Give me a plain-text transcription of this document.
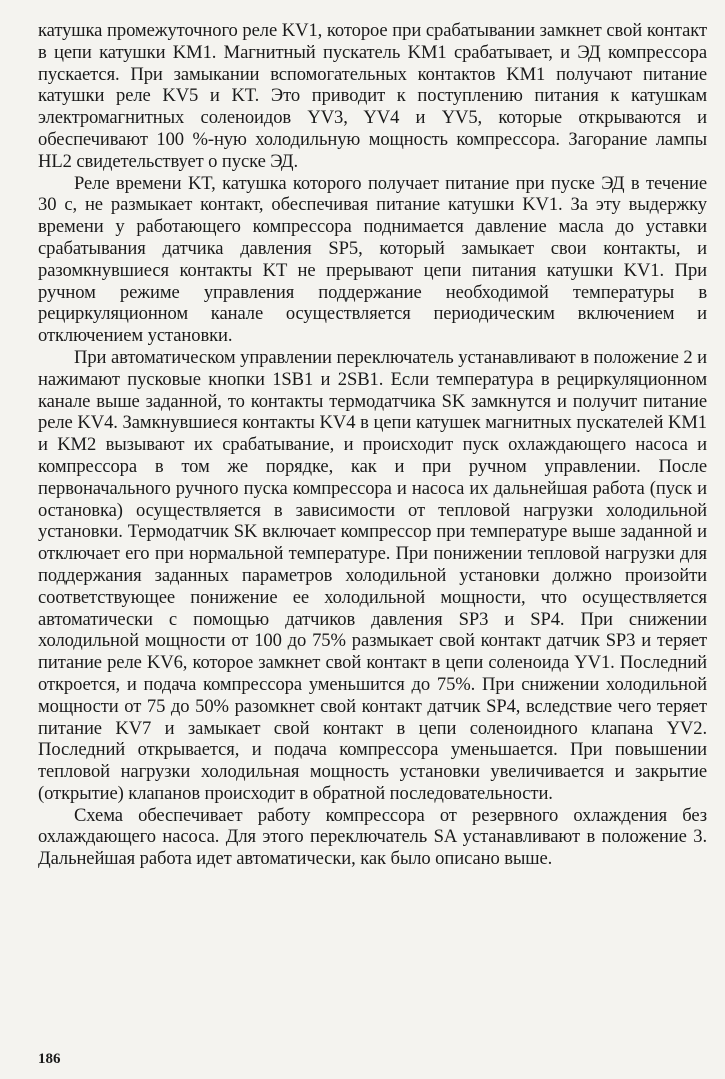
катушка промежуточного реле KV1, которое при срабатывании замкнет свой контакт в цепи катушки KM1. Магнитный пускатель KM1 срабатывает, и ЭД компрессора пускается. При замыкании вспомогательных контактов KM1 получают питание катушки реле KV5 и KT. Это приводит к поступлению питания к катушкам электромагнитных соленоидов YV3, YV4 и YV5, которые открываются и обеспечивают 100 %-ную холодильную мощность компрессора. Загорание лампы HL2 свидетельствует о пуске ЭД.

Реле времени KT, катушка которого получает питание при пуске ЭД в течение 30 с, не размыкает контакт, обеспечивая питание катушки KV1. За эту выдержку времени у работающего компрессора поднимается давление масла до уставки срабатывания датчика давления SP5, который замыкает свои контакты, и разомкнувшиеся контакты KT не прерывают цепи питания катушки KV1. При ручном режиме управления поддержание необходимой температуры в рециркуляционном канале осуществляется периодическим включением и отключением установки.

При автоматическом управлении переключатель устанавливают в положение 2 и нажимают пусковые кнопки 1SB1 и 2SB1. Если температура в рециркуляционном канале выше заданной, то контакты термодатчика SK замкнутся и получит питание реле KV4. Замкнувшиеся контакты KV4 в цепи катушек магнитных пускателей KM1 и KM2 вызывают их срабатывание, и происходит пуск охлаждающего насоса и компрессора в том же порядке, как и при ручном управлении. После первоначального ручного пуска компрессора и насоса их дальнейшая работа (пуск и остановка) осуществляется в зависимости от тепловой нагрузки холодильной установки. Термодатчик SK включает компрессор при температуре выше заданной и отключает его при нормальной температуре. При понижении тепловой нагрузки для поддержания заданных параметров холодильной установки должно произойти соответствующее понижение ее холодильной мощности, что осуществляется автоматически с помощью датчиков давления SP3 и SP4. При снижении холодильной мощности от 100 до 75% размыкает свой контакт датчик SP3 и теряет питание реле KV6, которое замкнет свой контакт в цепи соленоида YV1. Последний откроется, и подача компрессора уменьшится до 75%. При снижении холодильной мощности от 75 до 50% разомкнет свой контакт датчик SP4, вследствие чего теряет питание KV7 и замыкает свой контакт в цепи соленоидного клапана YV2. Последний открывается, и подача компрессора уменьшается. При повышении тепловой нагрузки холодильная мощность установки увеличивается и закрытие (открытие) клапанов происходит в обратной последовательности.

Схема обеспечивает работу компрессора от резервного охлаждения без охлаждающего насоса. Для этого переключатель SA устанавливают в положение 3. Дальнейшая работа идет автоматически, как было описано выше.

186
